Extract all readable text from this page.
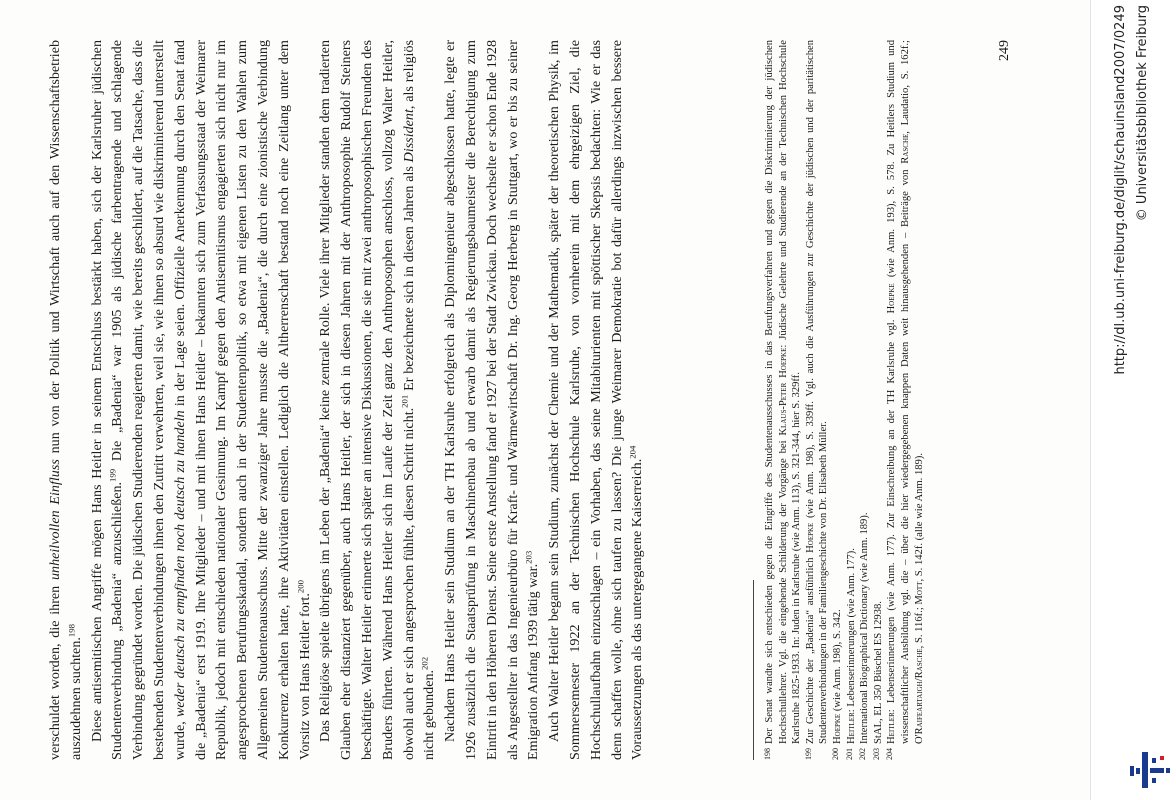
verschuldet worden, die ihren unheilvollen Einfluss nun von der Politik und Wirtschaft auch auf den Wissenschaftsbetrieb auszudehnen suchten.$^{198}$ Diese antisemitischen Angriffe mögen Hans Heitler in seinem Entschluss bestärkt haben, sich der Karlsruher jüdischen Studentenverbindung „Badenia“ anzuschließen.$^{199}$ Die „Badenia“ war 1905 als jüdische farbentragende und schlagende Verbindung gegründet worden. Die jüdischen Studierenden reagierten damit, wie bereits geschildert, auf die Tatsache, dass die bestehenden Studentenverbindungen ihnen den Zutritt verwehrten, weil sie, wie ihnen so absurd wie diskriminierend unterstellt wurde, weder deutsch zu empfinden noch deutsch zu handeln in der Lage seien. Offizielle Anerkennung durch den Senat fand die „Badenia“ erst 1919. Ihre Mitglieder – und mit ihnen Hans Heitler – bekannten sich zum Verfassungsstaat der Weimarer Republik, jedoch mit entschieden nationaler Gesinnung. Im Kampf gegen den Antisemitismus engagierten sich nicht nur im angesprochenen Berufungsskandal, sondern auch in der Studentenpolitik, so etwa mit eigenen Listen zu den Wahlen zum Allgemeinen Studentenausschuss. Mitte der zwanziger Jahre musste die „Badenia“, die durch eine zionistische Verbindung Konkurrenz erhalten hatte, ihre Aktivitäten einstellen. Lediglich die Altherrenschaft bestand noch eine Zeitlang unter dem Vorsitz von Hans Heitler fort.$^{200}$ Das Religiöse spielte übrigens im Leben der „Badenia“ keine zentrale Rolle. Viele ihrer Mitglieder standen dem tradierten Glauben eher distanziert gegenüber, auch Hans Heitler, der sich in diesen Jahren mit der Anthroposophie Rudolf Steiners beschäftigte. Walter Heitler erinnerte sich später an intensive Diskussionen, die sie mit zwei anthroposophischen Freunden des Bruders führten. Während Hans Heitler sich im Laufe der Zeit ganz den Anthroposophen anschloss, vollzog Walter Heitler, obwohl auch er sich angesprochen fühlte, diesen Schritt nicht.$^{201}$ Er bezeichnete sich in diesen Jahren als Dissident, als religiös nicht gebunden.$^{202}$ Nachdem Hans Heitler sein Studium an der TH Karlsruhe erfolgreich als Diplomingenieur abgeschlossen hatte, legte er 1926 zusätzlich die Staatsprüfung in Maschinenbau ab und erwarb damit als Regierungsbaumeister die Berechtigung zum Eintritt in den Höheren Dienst. Seine erste Anstellung fand er 1927 bei der Stadt Zwickau. Doch wechselte er schon Ende 1928 als Angestellter in das Ingenieurbüro für Kraft- und Wärmewirtschaft Dr. Ing. Georg Herberg in Stuttgart, wo er bis zu seiner Emigration Anfang 1939 tätig war.$^{203}$ Auch Walter Heitler begann sein Studium, zunächst der Chemie und der Mathematik, später der theoretischen Physik, im Sommersemester 1922 an der Technischen Hochschule Karlsruhe, von vornherein mit dem ehrgeizigen Ziel, die Hochschullaufbahn einzuschlagen – ein Vorhaben, das seine Mitabiturienten mit spöttischer Skepsis bedachten: Wie er das denn schaffen wolle, ohne sich taufen zu lassen? Die junge Weimarer Demokratie bot dafür allerdings inzwischen bessere Voraussetzungen als das untergegangene Kaiserreich.$^{204}$

198
Der Senat wandte sich entschieden gegen die Eingriffe des Studentenausschusses in das Berufungsverfahren und gegen die Diskriminierung der jüdischen Hochschullehrer. Vgl. die eingehende Schilderung der Vorgänge bei Klaus-Peter Hoepke: Jüdische Gelehrte und Studierende an der Technischen Hochschule Karlsruhe 1825-1933. In: Juden in Karlsruhe (wie Anm. 113), S. 321-344, hier S. 329ff.
199
Zur Geschichte der „Badenia“ ausführlich Hoepke (wie Anm. 198), S. 339ff. Vgl. auch die Ausführungen zur Geschichte der jüdischen und der paritätischen Studentenverbindungen in der Familiengeschichte von Dr. Elisabeth Müller.
200
Hoepke (wie Anm. 198), S. 342.
201
Heitler: Lebenserinnerungen (wie Anm. 177).
202
International Biographical Dictionary (wie Anm. 189).
203
StAL, EL 350 Büschel ES 12938.
204
Heitler: Lebenserinnerungen (wie Anm. 177). Zur Einschreibung an der TH Karlsruhe vgl. Hoepke (wie Anm. 193), S. 578. Zu Heitlers Studium und wissenschaftlicher Ausbildung vgl. die – über die hier wiedergegebenen knappen Daten weit hinausgehenden – Beiträge von Rasche, Laudatio, S. 162f.; O'Raifeartaigh/Rasche, S. 116f.; Mott, S. 142f. (alle wie Anm. 189).
249	http://dl.ub.uni-freiburg.de/diglit/schauinsland2007/0249 © Universitätsbibliothek Freiburg
